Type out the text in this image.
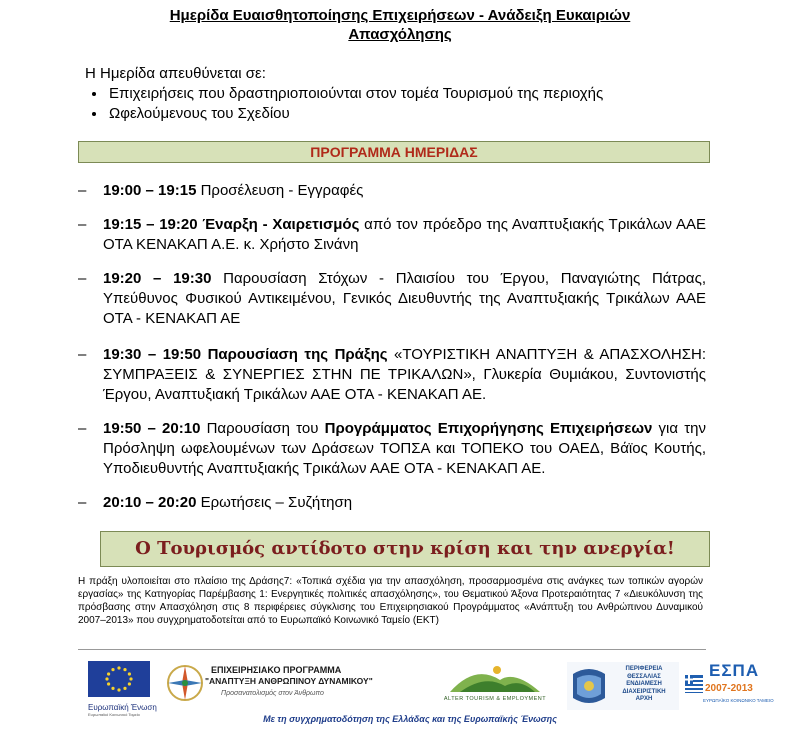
Ημερίδα Ευαισθητοποίησης Επιχειρήσεων - Ανάδειξη Ευκαιριών Απασχόλησης
Η Ημερίδα απευθύνεται σε:
• Επιχειρήσεις που δραστηριοποιούνται στον τομέα Τουρισμού της περιοχής
• Ωφελούμενους του Σχεδίου
ΠΡΟΓΡΑΜΜΑ ΗΜΕΡΙΔΑΣ
–	19:00 – 19:15 Προσέλευση - Εγγραφές
–	19:15 – 19:20 Έναρξη - Χαιρετισμός από τον πρόεδρο της Αναπτυξιακής Τρικάλων ΑΑΕ ΟΤΑ ΚΕΝΑΚΑΠ Α.Ε. κ. Χρήστο Σινάνη
–	19:20 – 19:30 Παρουσίαση Στόχων - Πλαισίου του Έργου, Παναγιώτης Πάτρας, Υπεύθυνος Φυσικού Αντικειμένου, Γενικός Διευθυντής της Αναπτυξιακής Τρικάλων ΑΑΕ ΟΤΑ - ΚΕΝΑΚΑΠ ΑΕ
–	19:30 – 19:50 Παρουσίαση της Πράξης «ΤΟΥΡΙΣΤΙΚΗ ΑΝΑΠΤΥΞΗ & ΑΠΑΣΧΟΛΗΣΗ: ΣΥΜΠΡΑΞΕΙΣ & ΣΥΝΕΡΓΙΕΣ ΣΤΗΝ ΠΕ ΤΡΙΚΑΛΩΝ», Γλυκερία Θυμιάκου, Συντονιστής Έργου, Αναπτυξιακή Τρικάλων ΑΑΕ ΟΤΑ - ΚΕΝΑΚΑΠ ΑΕ.
–	19:50 – 20:10 Παρουσίαση του Προγράμματος Επιχορήγησης Επιχειρήσεων για την Πρόσληψη ωφελουμένων των Δράσεων ΤΟΠΣΑ και ΤΟΠΕΚΟ του ΟΑΕΔ, Βάϊος Κουτής, Υποδιευθυντής Αναπτυξιακής Τρικάλων ΑΑΕ ΟΤΑ - ΚΕΝΑΚΑΠ ΑΕ.
–	20:10 – 20:20 Ερωτήσεις – Συζήτηση
Ο Τουρισμός αντίδοτο στην κρίση και την ανεργία!
Η πράξη υλοποιείται στο πλαίσιο της Δράσης7: «Τοπικά σχέδια για την απασχόληση, προσαρμοσμένα στις ανάγκες των τοπικών αγορών εργασίας» της Κατηγορίας Παρέμβασης 1: Ενεργητικές πολιτικές απασχόλησης», του Θεματικού Άξονα Προτεραιότητας 7 «Διευκόλυνση της πρόσβασης στην Απασχόληση στις 8 περιφέρειες σύγκλισης του Επιχειρησιακού Προγράμματος «Ανάπτυξη του Ανθρώπινου Δυναμικού 2007–2013» που συγχρηματοδοτείται από το Ευρωπαϊκό Κοινωνικό Ταμείο (ΕΚΤ)
Ευρωπαϊκή Ένωση
Ευρωπαϊκό Κοινωνικό Ταμείο
ΕΠΙΧΕΙΡΗΣΙΑΚΟ ΠΡΟΓΡΑΜΜΑ
"ΑΝΑΠΤΥΞΗ ΑΝΘΡΩΠΙΝΟΥ ΔΥΝΑΜΙΚΟΥ"
Προσανατολισμός στον Άνθρωπο
ALTER TOURISM & EMPLOYMENT
ΠΕΡΙΦΕΡΕΙΑ
ΘΕΣΣΑΛΙΑΣ
ΕΝΔΙΑΜΕΣΗ
ΔΙΑΧΕΙΡΙΣΤΙΚΗ
ΑΡΧΗ
ΕΣΠΑ
2007-2013
ΕΥΡΩΠΑΪΚΟ ΚΟΙΝΩΝΙΚΟ ΤΑΜΕΙΟ
Με τη συγχρηματοδότηση της Ελλάδας και της Ευρωπαϊκής Ένωσης
